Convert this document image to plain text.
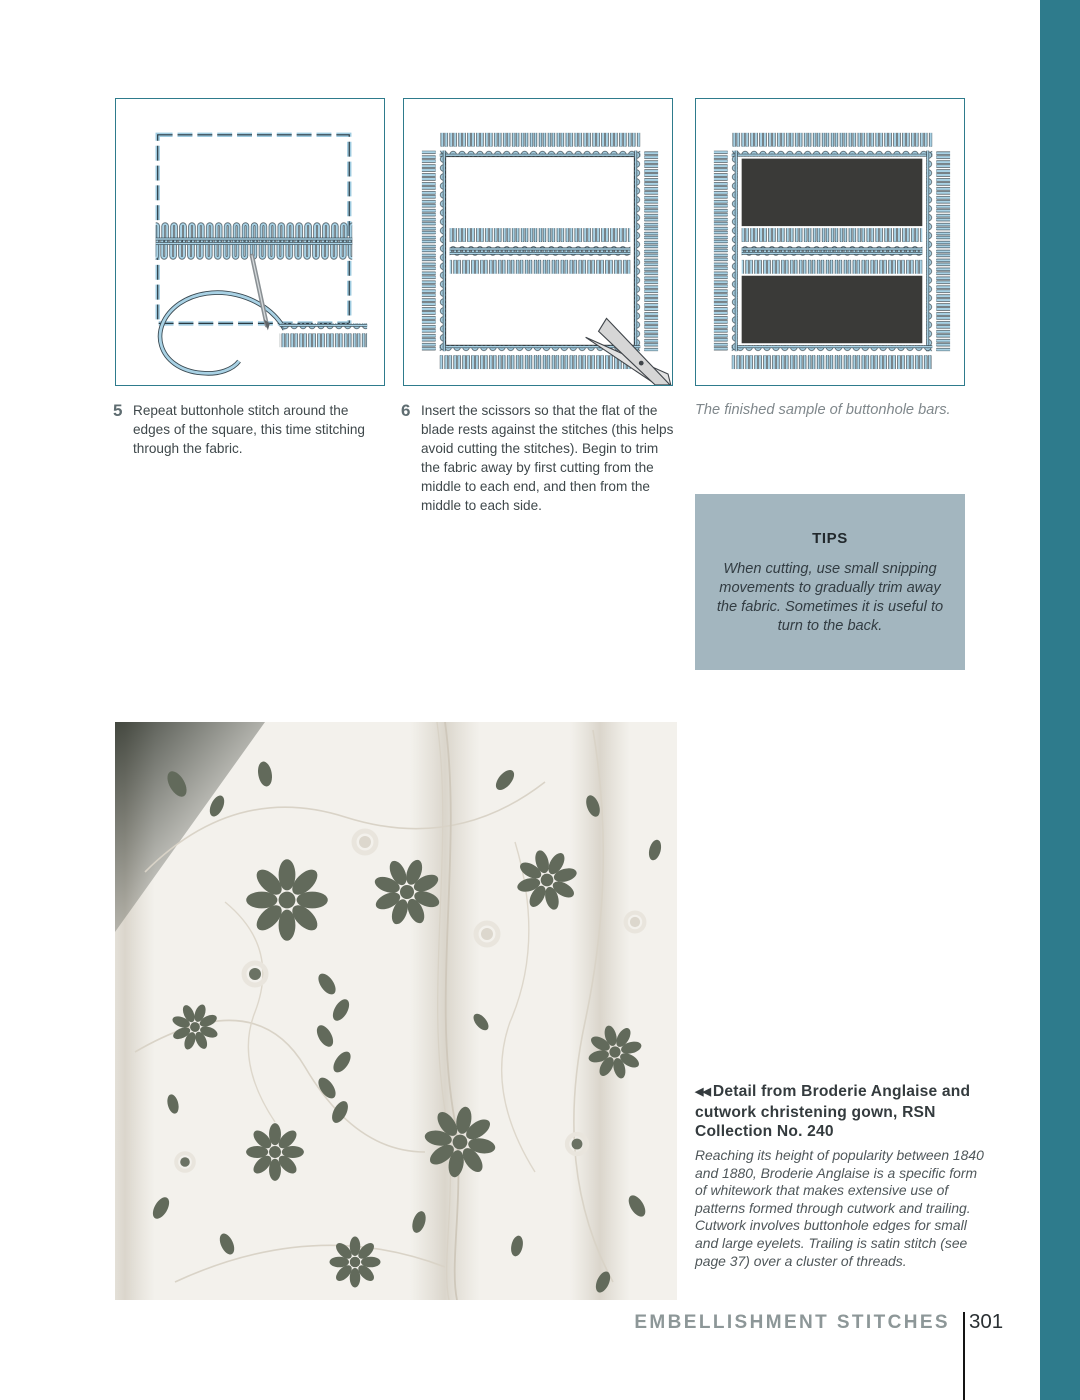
5 Repeat buttonhole stitch around the edges of the square, this time stitching through the fabric.
6 Insert the scissors so that the flat of the blade rests against the stitches (this helps avoid cutting the stitches). Begin to trim the fabric away by first cutting from the middle to each end, and then from the middle to each side.
The finished sample of buttonhole bars.
TIPS
When cutting, use small snipping movements to gradually trim away the fabric. Sometimes it is useful to turn to the back.
◀◀ Detail from Broderie Anglaise and cutwork christening gown, RSN Collection No. 240
Reaching its height of popularity between 1840 and 1880, Broderie Anglaise is a specific form of whitework that makes extensive use of patterns formed through cutwork and trailing. Cutwork involves buttonhole edges for small and large eyelets. Trailing is satin stitch (see page 37) over a cluster of threads.
EMBELLISHMENT STITCHES 301
